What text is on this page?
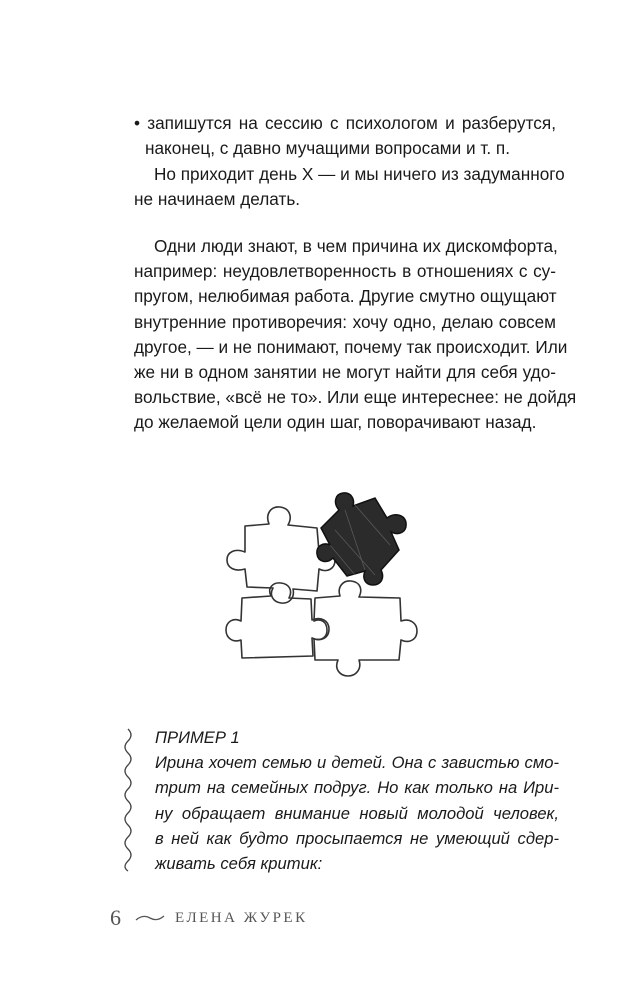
• запишутся на сессию с психологом и разберутся,
наконец, с давно мучащими вопросами и т. п.
Но приходит день Х — и мы ничего из задуманного
не начинаем делать.
Одни люди знают, в чем причина их дискомфорта,
например: неудовлетворенность в отношениях с су-
пругом, нелюбимая работа. Другие смутно ощущают
внутренние противоречия: хочу одно, делаю совсем
другое, — и не понимают, почему так происходит. Или
же ни в одном занятии не могут найти для себя удо-
вольствие, «всё не то». Или еще интереснее: не дойдя
до желаемой цели один шаг, поворачивают назад.
ПРИМЕР 1
Ирина хочет семью и детей. Она с завистью смо-
трит на семейных подруг. Но как только на Ири-
ну обращает внимание новый молодой человек,
в ней как будто просыпается не умеющий сдер-
живать себя критик:
6	ЕЛЕНА ЖУРЕК
